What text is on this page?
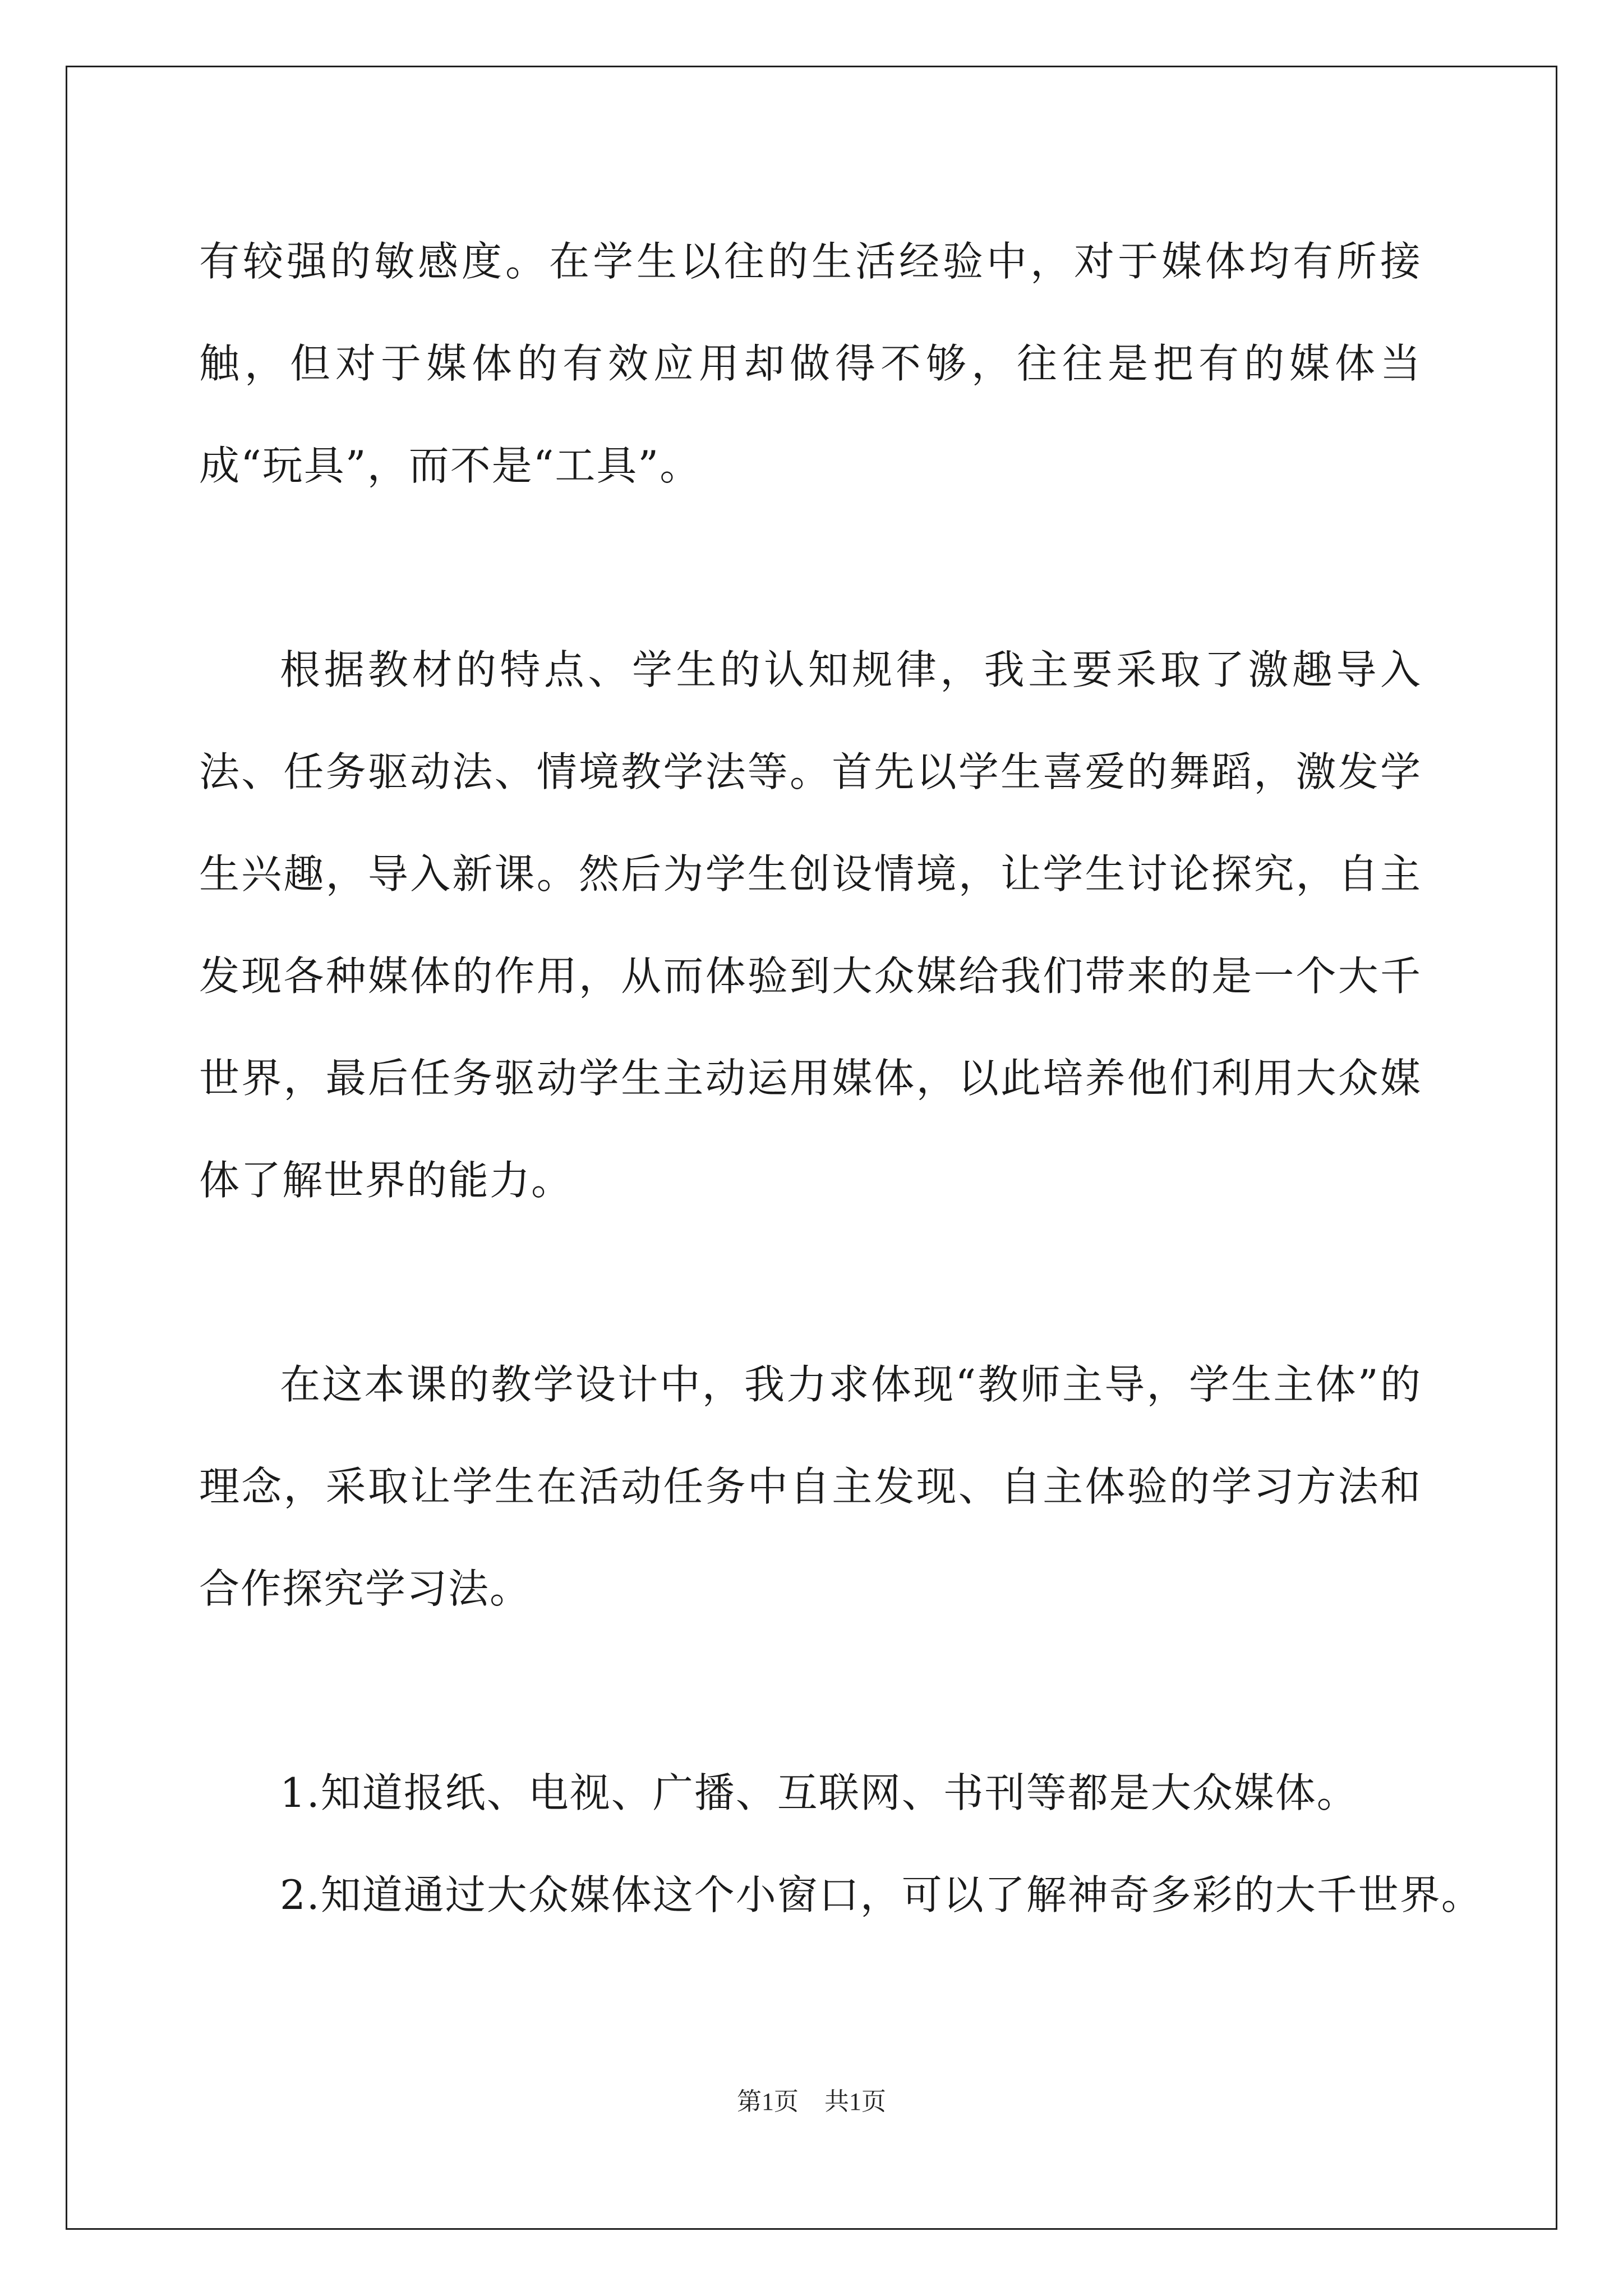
有较强的敏感度。在学生以往的生活经验中，对于媒体均有所接触，但对于媒体的有效应用却做得不够，往往是把有的媒体当成“玩具”，而不是“工具”。

根据教材的特点、学生的认知规律，我主要采取了激趣导入法、任务驱动法、情境教学法等。首先以学生喜爱的舞蹈，激发学生兴趣，导入新课。然后为学生创设情境，让学生讨论探究，自主发现各种媒体的作用，从而体验到大众媒给我们带来的是一个大千世界，最后任务驱动学生主动运用媒体，以此培养他们利用大众媒体了解世界的能力。

在这本课的教学设计中，我力求体现“教师主导，学生主体”的理念，采取让学生在活动任务中自主发现、自主体验的学习方法和合作探究学习法。

1.知道报纸、电视、广播、互联网、书刊等都是大众媒体。

2.知道通过大众媒体这个小窗口，可以了解神奇多彩的大千世界。

第1页 共1页
